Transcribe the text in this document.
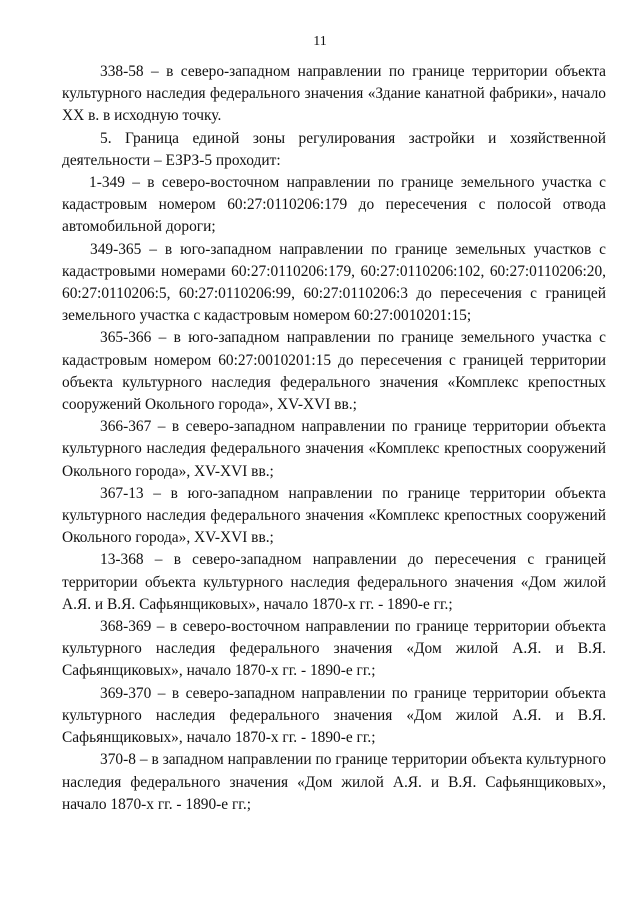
11

338-58 – в северо-западном направлении по границе территории объекта культурного наследия федерального значения «Здание канатной фабрики», начало XX в. в исходную точку.

5. Граница единой зоны регулирования застройки и хозяйственной деятельности – ЕЗРЗ-5 проходит:

1-349 – в северо-восточном направлении по границе земельного участка с кадастровым номером 60:27:0110206:179 до пересечения с полосой отвода автомобильной дороги;

349-365 – в юго-западном направлении по границе земельных участков с кадастровыми номерами 60:27:0110206:179, 60:27:0110206:102, 60:27:0110206:20, 60:27:0110206:5, 60:27:0110206:99, 60:27:0110206:3 до пересечения с границей земельного участка с кадастровым номером 60:27:0010201:15;

365-366 – в юго-западном направлении по границе земельного участка с кадастровым номером 60:27:0010201:15 до пересечения с границей территории объекта культурного наследия федерального значения «Комплекс крепостных сооружений Окольного города», XV-XVI вв.;

366-367 – в северо-западном направлении по границе территории объекта культурного наследия федерального значения «Комплекс крепостных сооружений Окольного города», XV-XVI вв.;

367-13 – в юго-западном направлении по границе территории объекта культурного наследия федерального значения «Комплекс крепостных сооружений Окольного города», XV-XVI вв.;

13-368 – в северо-западном направлении до пересечения с границей территории объекта культурного наследия федерального значения «Дом жилой А.Я. и В.Я. Сафьянщиковых», начало 1870-х гг. - 1890-е гг.;

368-369 – в северо-восточном направлении по границе территории объекта культурного наследия федерального значения «Дом жилой А.Я. и В.Я. Сафьянщиковых», начало 1870-х гг. - 1890-е гг.;

369-370 – в северо-западном направлении по границе территории объекта культурного наследия федерального значения «Дом жилой А.Я. и В.Я. Сафьянщиковых», начало 1870-х гг. - 1890-е гг.;

370-8 – в западном направлении по границе территории объекта культурного наследия федерального значения «Дом жилой А.Я. и В.Я. Сафьянщиковых», начало 1870-х гг. - 1890-е гг.;
